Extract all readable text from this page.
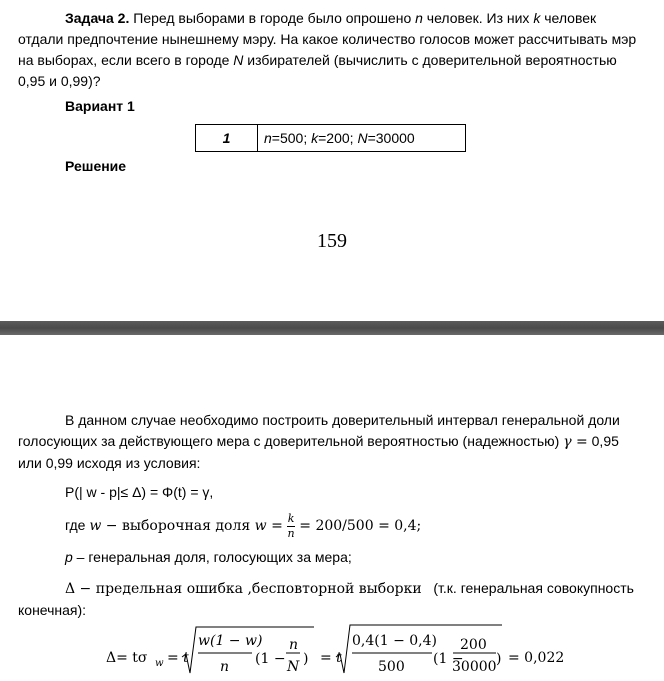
Задача 2. Перед выборами в городе было опрошено n человек. Из них k человек отдали предпочтение нынешнему мэру. На какое количество голосов может рассчитывать мэр на выборах, если всего в городе N избирателей (вычислить с доверительной вероятностью 0,95 и 0,99)?
Вариант 1
1	n=500; k=200; N=30000
Решение
159
В данном случае необходимо построить доверительный интервал генеральной доли голосующих за действующего мера с доверительной вероятностью (надежностью) γ = 0,95 или 0,99 исходя из условия:
P(| w - p|≤ Δ) = Φ(t) = γ,
где w − выборочная доля $w = \frac{k}{n} = 200/500 = 0,4$;
p – генеральная доля, голосующих за мера;
Δ − предельная ошибка ,бесповторной выборки (т.к. генеральная совокупность конечная):
Δ= tσ w = t
w(1 − w)
n (1 −
n
N ) = t
0,4(1 − 0,4)
500 (1 −
200
30000 ) = 0,022
